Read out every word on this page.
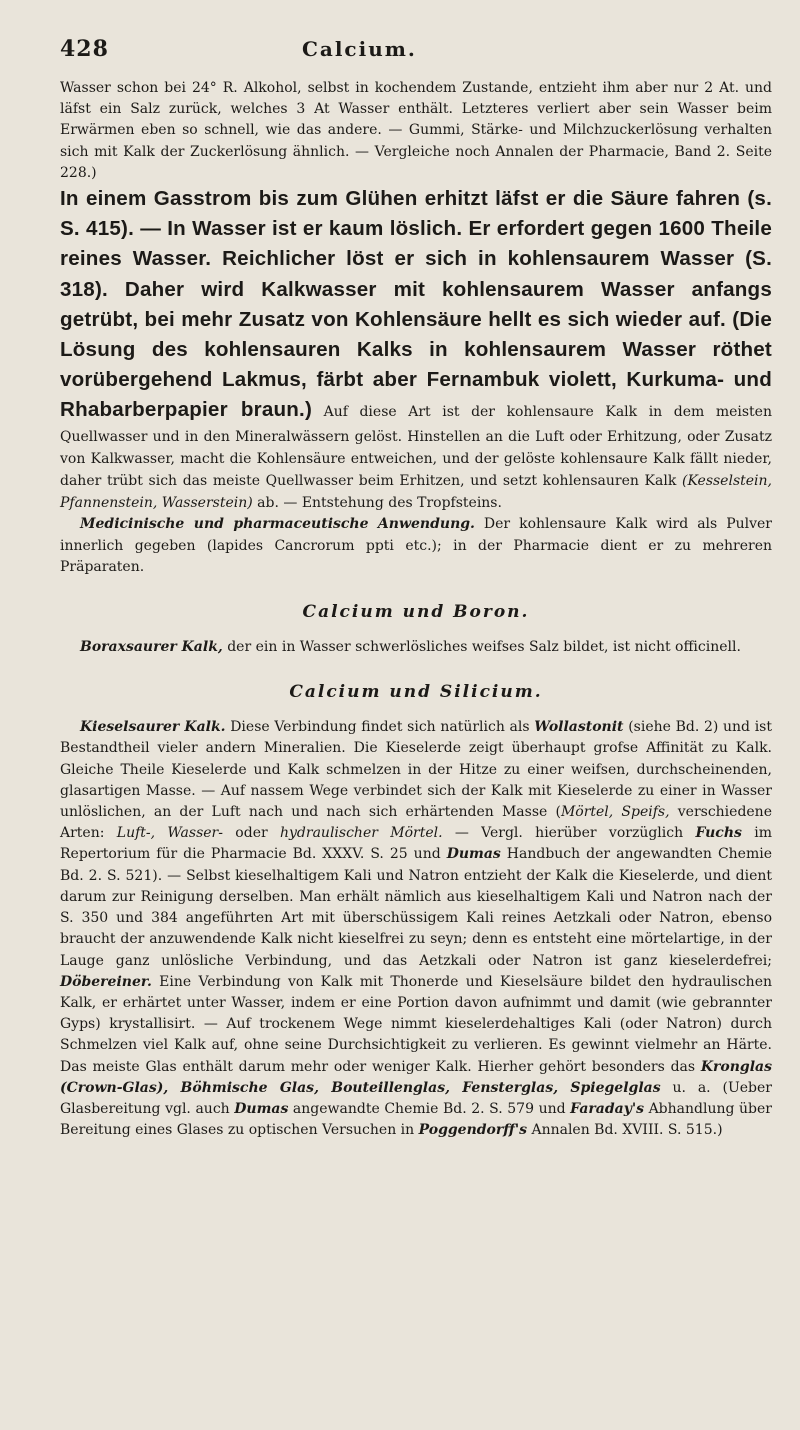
428	Calcium.

Wasser schon bei 24° R. Alkohol, selbst in kochendem Zustande, entzieht ihm aber nur 2 At. und läfst ein Salz zurück, welches 3 At Wasser enthält. Letzteres verliert aber sein Wasser beim Erwärmen eben so schnell, wie das andere. — Gummi, Stärke- und Milchzuckerlösung verhalten sich mit Kalk der Zuckerlösung ähnlich. — Vergleiche noch Annalen der Pharmacie, Band 2. Seite 228.)

In einem Gasstrom bis zum Glühen erhitzt läfst er die Säure fahren (s. S. 415). — In Wasser ist er kaum löslich. Er erfordert gegen 1600 Theile reines Wasser. Reichlicher löst er sich in kohlensaurem Wasser (S. 318). Daher wird Kalkwasser mit kohlensaurem Wasser anfangs getrübt, bei mehr Zusatz von Kohlensäure hellt es sich wieder auf. (Die Lösung des kohlensauren Kalks in kohlensaurem Wasser röthet vorübergehend Lakmus, färbt aber Fernambuk violett, Kurkuma- und Rhabarberpapier braun.) Auf diese Art ist der kohlensaure Kalk in dem meisten Quellwasser und in den Mineralwässern gelöst. Hinstellen an die Luft oder Erhitzung, oder Zusatz von Kalkwasser, macht die Kohlensäure entweichen, und der gelöste kohlensaure Kalk fällt nieder, daher trübt sich das meiste Quellwasser beim Erhitzen, und setzt kohlensauren Kalk (Kesselstein, Pfannenstein, Wasserstein) ab. — Entstehung des Tropfsteins.

Medicinische und pharmaceutische Anwendung. Der kohlensaure Kalk wird als Pulver innerlich gegeben (lapides Cancrorum ppti etc.); in der Pharmacie dient er zu mehreren Präparaten.

Calcium und Boron.

Boraxsaurer Kalk, der ein in Wasser schwerlösliches weifses Salz bildet, ist nicht officinell.

Calcium und Silicium.

Kieselsaurer Kalk. Diese Verbindung findet sich natürlich als Wollastonit (siehe Bd. 2) und ist Bestandtheil vieler andern Mineralien. Die Kieselerde zeigt überhaupt grofse Affinität zu Kalk. Gleiche Theile Kieselerde und Kalk schmelzen in der Hitze zu einer weifsen, durchscheinenden, glasartigen Masse. — Auf nassem Wege verbindet sich der Kalk mit Kieselerde zu einer in Wasser unlöslichen, an der Luft nach und nach sich erhärtenden Masse (Mörtel, Speifs, verschiedene Arten: Luft-, Wasser- oder hydraulischer Mörtel. — Vergl. hierüber vorzüglich Fuchs im Repertorium für die Pharmacie Bd. XXXV. S. 25 und Dumas Handbuch der angewandten Chemie Bd. 2. S. 521). — Selbst kieselhaltigem Kali und Natron entzieht der Kalk die Kieselerde, und dient darum zur Reinigung derselben. Man erhält nämlich aus kieselhaltigem Kali und Natron nach der S. 350 und 384 angeführten Art mit überschüssigem Kali reines Aetzkali oder Natron, ebenso braucht der anzuwendende Kalk nicht kieselfrei zu seyn; denn es entsteht eine mörtelartige, in der Lauge ganz unlösliche Verbindung, und das Aetzkali oder Natron ist ganz kieselerdefrei; Döbereiner. Eine Verbindung von Kalk mit Thonerde und Kieselsäure bildet den hydraulischen Kalk, er erhärtet unter Wasser, indem er eine Portion davon aufnimmt und damit (wie gebrannter Gyps) krystallisirt. — Auf trockenem Wege nimmt kieselerdehaltiges Kali (oder Natron) durch Schmelzen viel Kalk auf, ohne seine Durchsichtigkeit zu verlieren. Es gewinnt vielmehr an Härte. Das meiste Glas enthält darum mehr oder weniger Kalk. Hierher gehört besonders das Kronglas (Crown-Glas), Böhmische Glas, Bouteillenglas, Fensterglas, Spiegelglas u. a. (Ueber Glasbereitung vgl. auch Dumas angewandte Chemie Bd. 2. S. 579 und Faraday's Abhandlung über Bereitung eines Glases zu optischen Versuchen in Poggendorff's Annalen Bd. XVIII. S. 515.)
